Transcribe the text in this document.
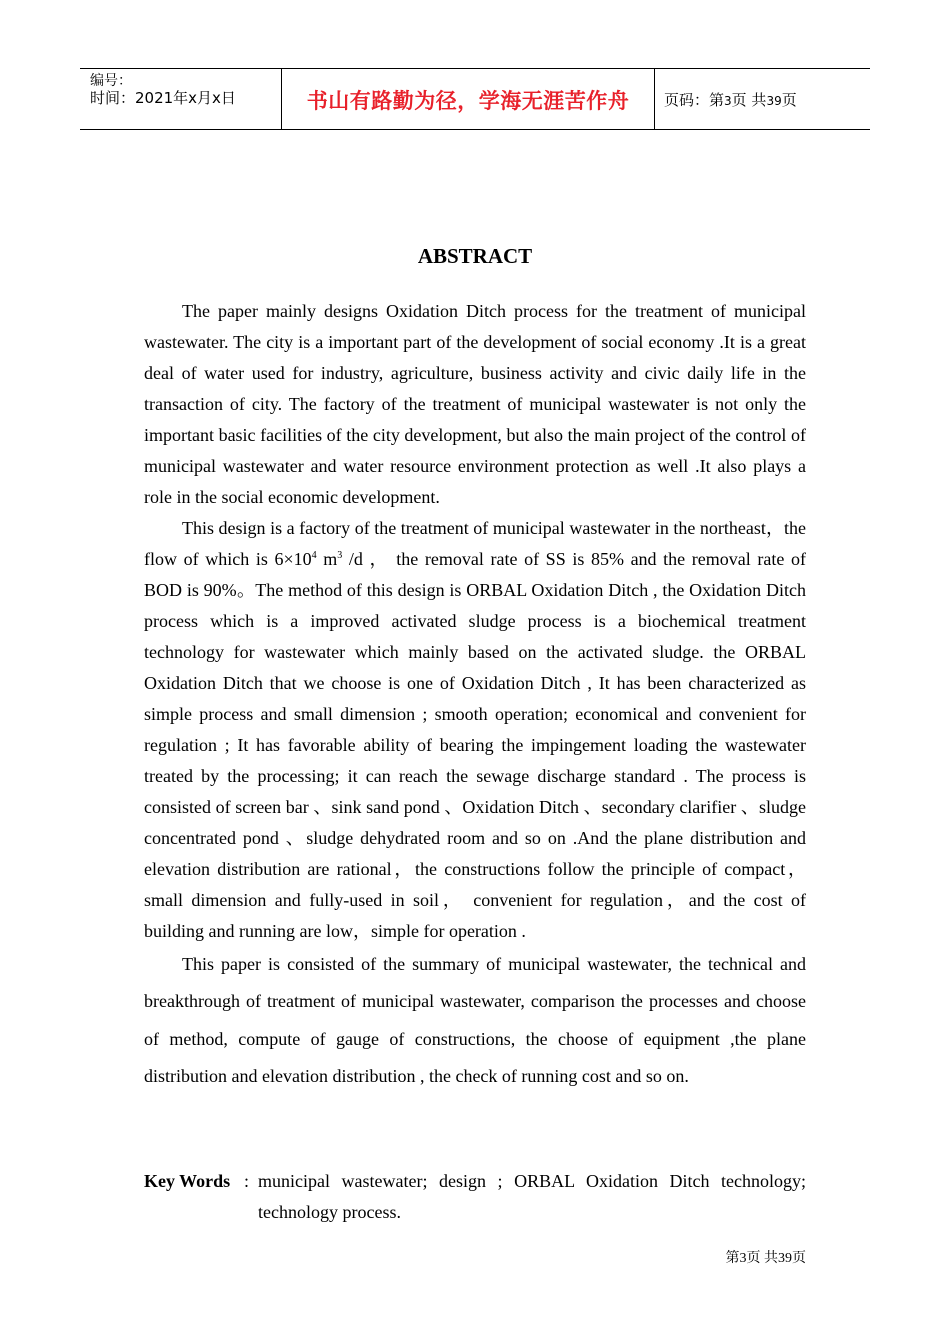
编号：
时间：2021年x月x日	书山有路勤为径，学海无涯苦作舟	页码：第3页 共39页
ABSTRACT

The paper mainly designs Oxidation Ditch process for the treatment of municipal wastewater. The city is a important part of the development of social economy .It is a great deal of water used for industry, agriculture, business activity and civic daily life in the transaction of city. The factory of the treatment of municipal wastewater is not only the important basic facilities of the city development, but also the main project of the control of municipal wastewater and water resource environment protection as well .It also plays a role in the social economic development.

This design is a factory of the treatment of municipal wastewater in the northeast，the flow of which is $6\times 10^4$ $m^3$ /d ， the removal rate of SS is 85% and the removal rate of BOD is 90%。The method of this design is ORBAL Oxidation Ditch , the Oxidation Ditch process which is a improved activated sludge process is a biochemical treatment technology for wastewater which mainly based on the activated sludge. the ORBAL Oxidation Ditch that we choose is one of Oxidation Ditch , It has been characterized as simple process and small dimension ; smooth operation; economical and convenient for regulation ; It has favorable ability of bearing the impingement loading the wastewater treated by the processing; it can reach the sewage discharge standard . The process is consisted of screen bar 、sink sand pond 、Oxidation Ditch 、secondary clarifier 、sludge concentrated pond 、sludge dehydrated room and so on .And the plane distribution and elevation distribution are rational，the constructions follow the principle of compact， small dimension and fully-used in soil， convenient for regulation，and the cost of building and running are low，simple for operation .

This paper is consisted of the summary of municipal wastewater, the technical and breakthrough of treatment of municipal wastewater, comparison the processes and choose of method, compute of gauge of constructions, the choose of equipment ,the plane distribution and elevation distribution , the check of running cost and so on.

Key Words : municipal wastewater; design ; ORBAL Oxidation Ditch technology; technology process.
第3页 共39页
